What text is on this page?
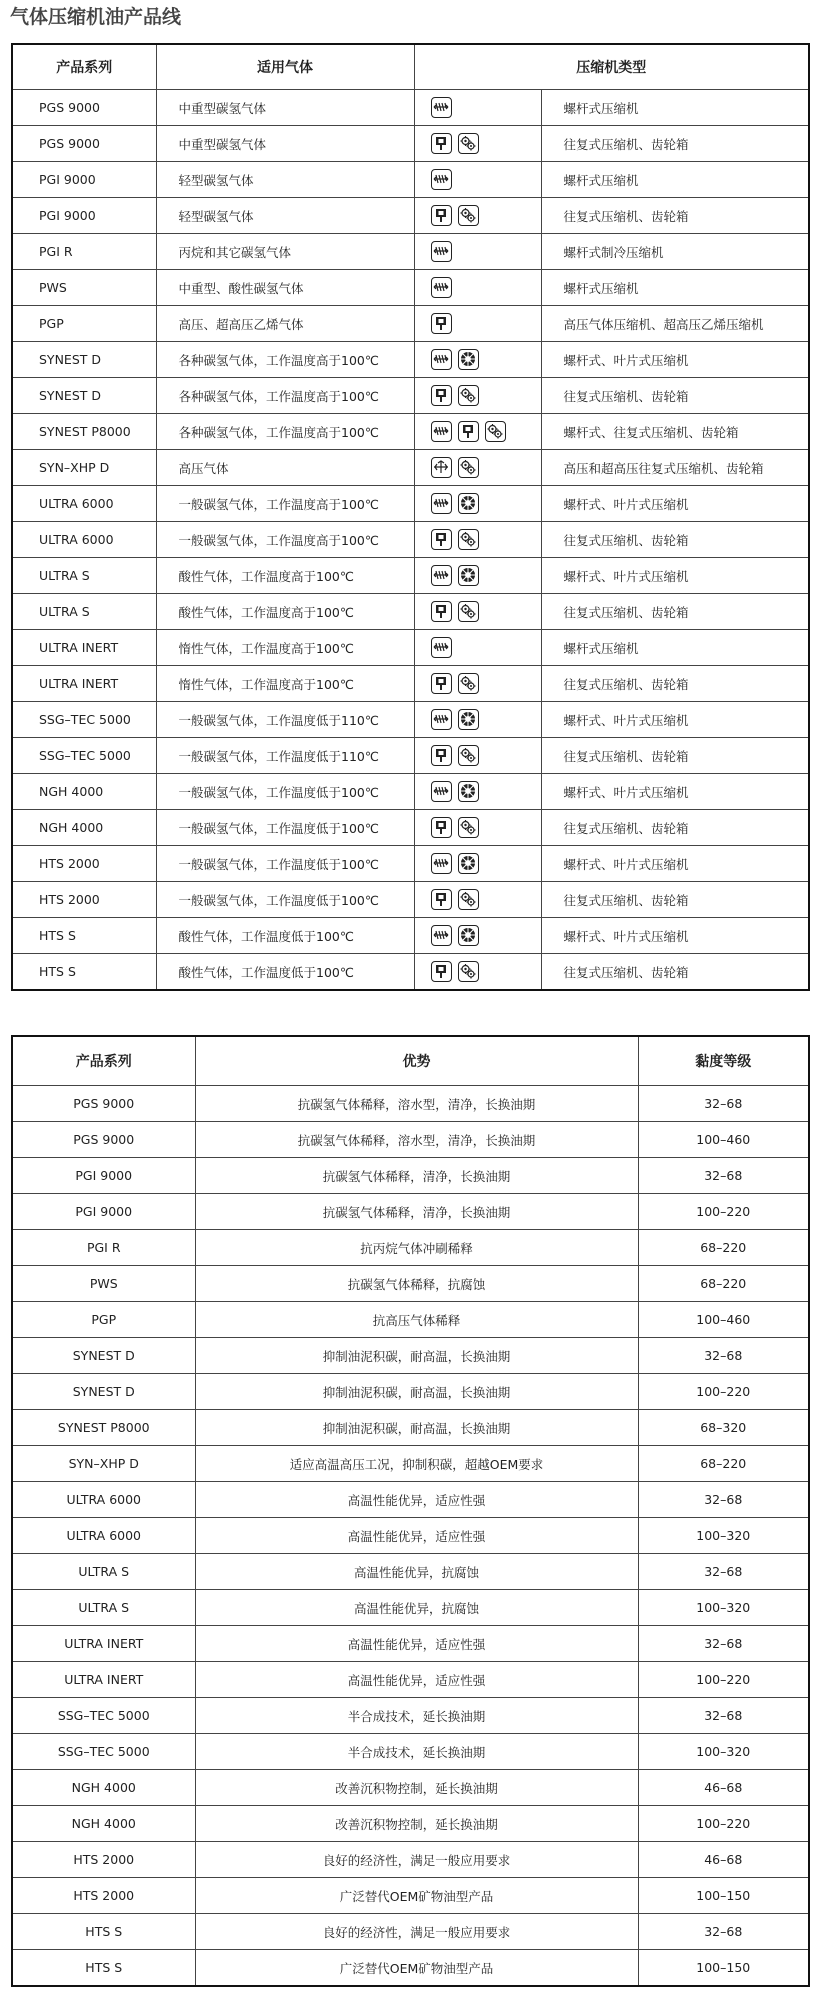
气体压缩机油产品线
产品系列	适用气体	压缩机类型	
PGS 9000	中重型碳氢气体		螺杆式压缩机
PGS 9000	中重型碳氢气体		往复式压缩机、齿轮箱
PGI 9000	轻型碳氢气体		螺杆式压缩机
PGI 9000	轻型碳氢气体		往复式压缩机、齿轮箱
PGI R	丙烷和其它碳氢气体		螺杆式制冷压缩机
PWS	中重型、酸性碳氢气体		螺杆式压缩机
PGP	高压、超高压乙烯气体		高压气体压缩机、超高压乙烯压缩机
SYNEST D	各种碳氢气体，工作温度高于100℃		螺杆式、叶片式压缩机
SYNEST D	各种碳氢气体，工作温度高于100℃		往复式压缩机、齿轮箱
SYNEST P8000	各种碳氢气体，工作温度高于100℃		螺杆式、往复式压缩机、齿轮箱
SYN–XHP D	高压气体		高压和超高压往复式压缩机、齿轮箱
ULTRA 6000	一般碳氢气体，工作温度高于100℃		螺杆式、叶片式压缩机
ULTRA 6000	一般碳氢气体，工作温度高于100℃		往复式压缩机、齿轮箱
ULTRA S	酸性气体，工作温度高于100℃		螺杆式、叶片式压缩机
ULTRA S	酸性气体，工作温度高于100℃		往复式压缩机、齿轮箱
ULTRA INERT	惰性气体，工作温度高于100℃		螺杆式压缩机
ULTRA INERT	惰性气体，工作温度高于100℃		往复式压缩机、齿轮箱
SSG–TEC 5000	一般碳氢气体，工作温度低于110℃		螺杆式、叶片式压缩机
SSG–TEC 5000	一般碳氢气体，工作温度低于110℃		往复式压缩机、齿轮箱
NGH 4000	一般碳氢气体，工作温度低于100℃		螺杆式、叶片式压缩机
NGH 4000	一般碳氢气体，工作温度低于100℃		往复式压缩机、齿轮箱
HTS 2000	一般碳氢气体，工作温度低于100℃		螺杆式、叶片式压缩机
HTS 2000	一般碳氢气体，工作温度低于100℃		往复式压缩机、齿轮箱
HTS S	酸性气体，工作温度低于100℃		螺杆式、叶片式压缩机
HTS S	酸性气体，工作温度低于100℃		往复式压缩机、齿轮箱
产品系列	优势	黏度等级
PGS 9000	抗碳氢气体稀释，溶水型，清净，长换油期	32–68
PGS 9000	抗碳氢气体稀释，溶水型，清净，长换油期	100–460
PGI 9000	抗碳氢气体稀释，清净，长换油期	32–68
PGI 9000	抗碳氢气体稀释，清净，长换油期	100–220
PGI R	抗丙烷气体冲刷稀释	68–220
PWS	抗碳氢气体稀释，抗腐蚀	68–220
PGP	抗高压气体稀释	100–460
SYNEST D	抑制油泥积碳，耐高温，长换油期	32–68
SYNEST D	抑制油泥积碳，耐高温，长换油期	100–220
SYNEST P8000	抑制油泥积碳，耐高温，长换油期	68–320
SYN–XHP D	适应高温高压工况，抑制积碳，超越OEM要求	68–220
ULTRA 6000	高温性能优异，适应性强	32–68
ULTRA 6000	高温性能优异，适应性强	100–320
ULTRA S	高温性能优异，抗腐蚀	32–68
ULTRA S	高温性能优异，抗腐蚀	100–320
ULTRA INERT	高温性能优异，适应性强	32–68
ULTRA INERT	高温性能优异，适应性强	100–220
SSG–TEC 5000	半合成技术，延长换油期	32–68
SSG–TEC 5000	半合成技术，延长换油期	100–320
NGH 4000	改善沉积物控制，延长换油期	46–68
NGH 4000	改善沉积物控制，延长换油期	100–220
HTS 2000	良好的经济性，满足一般应用要求	46–68
HTS 2000	广泛替代OEM矿物油型产品	100–150
HTS S	良好的经济性，满足一般应用要求	32–68
HTS S	广泛替代OEM矿物油型产品	100–150
